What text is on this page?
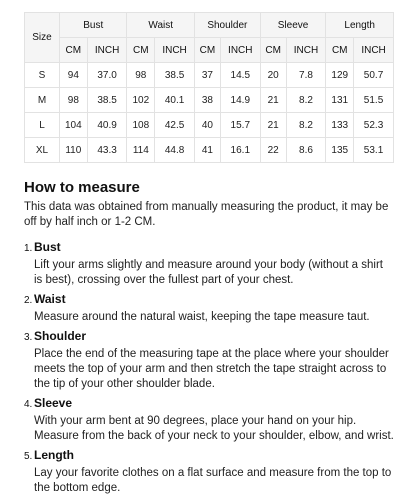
Size	Bust		Waist		Shoulder		Sleeve		Length	
	CM	INCH	CM	INCH	CM	INCH	CM	INCH	CM	INCH
S	94	37.0	98	38.5	37	14.5	20	7.8	129	50.7
M	98	38.5	102	40.1	38	14.9	21	8.2	131	51.5
L	104	40.9	108	42.5	40	15.7	21	8.2	133	52.3
XL	110	43.3	114	44.8	41	16.1	22	8.6	135	53.1
How to measure

This data was obtained from manually measuring the product, it may be off by half inch or 1-2 CM.

1. Bust

Lift your arms slightly and measure around your body (without a shirt is best), crossing over the fullest part of your chest.

2. Waist

Measure around the natural waist, keeping the tape measure taut.

3. Shoulder

Place the end of the measuring tape at the place where your shoulder meets the top of your arm and then stretch the tape straight across to the tip of your other shoulder blade.

4. Sleeve

With your arm bent at 90 degrees, place your hand on your hip. Measure from the back of your neck to your shoulder, elbow, and wrist.

5. Length

Lay your favorite clothes on a flat surface and measure from the top to the bottom edge.
